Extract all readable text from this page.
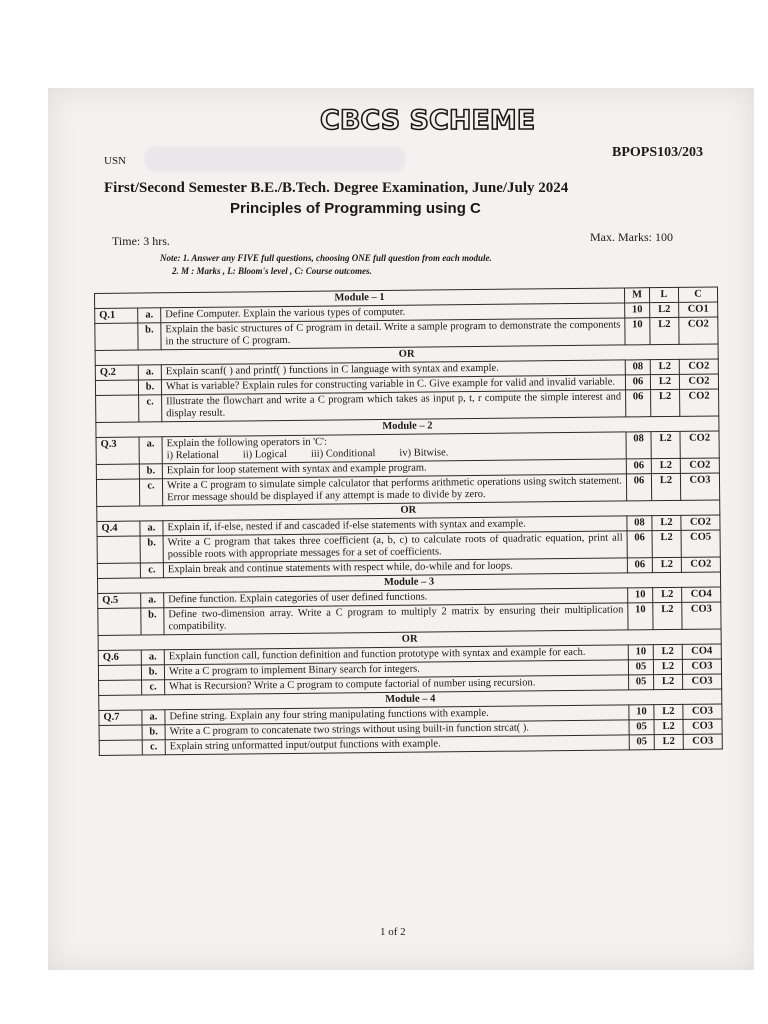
CBCS SCHEME
USN
BPOPS103/203
First/Second Semester B.E./B.Tech. Degree Examination, June/July 2024
Principles of Programming using C
Time: 3 hrs.	Max. Marks: 100
Note: 1. Answer any FIVE full questions, choosing ONE full question from each module.
2. M : Marks , L: Bloom's level , C: Course outcomes.
Module – 1			M	L	C
Q.1	a.	Define Computer. Explain the various types of computer.	10	L2	CO1
	b.	Explain the basic structures of C program in detail. Write a sample program to demonstrate the components in the structure of C program.	10	L2	CO2
OR					
Q.2	a.	Explain scanf( ) and printf( ) functions in C language with syntax and example.	08	L2	CO2
	b.	What is variable? Explain rules for constructing variable in C. Give example for valid and invalid variable.	06	L2	CO2
	c.	Illustrate the flowchart and write a C program which takes as input p, t, r compute the simple interest and display result.	06	L2	CO2
Module – 2					
Q.3	a.	Explain the following operators in 'C':
i) Relational ii) Logical iii) Conditional iv) Bitwise.	08	L2	CO2
	b.	Explain for loop statement with syntax and example program.	06	L2	CO2
	c.	Write a C program to simulate simple calculator that performs arithmetic operations using switch statement. Error message should be displayed if any attempt is made to divide by zero.	06	L2	CO3
OR					
Q.4	a.	Explain if, if-else, nested if and cascaded if-else statements with syntax and example.	08	L2	CO2
	b.	Write a C program that takes three coefficient (a, b, c) to calculate roots of quadratic equation, print all possible roots with appropriate messages for a set of coefficients.	06	L2	CO5
	c.	Explain break and continue statements with respect while, do-while and for loops.	06	L2	CO2
Module – 3					
Q.5	a.	Define function. Explain categories of user defined functions.	10	L2	CO4
	b.	Define two-dimension array. Write a C program to multiply 2 matrix by ensuring their multiplication compatibility.	10	L2	CO3
OR					
Q.6	a.	Explain function call, function definition and function prototype with syntax and example for each.	10	L2	CO4
	b.	Write a C program to implement Binary search for integers.	05	L2	CO3
	c.	What is Recursion? Write a C program to compute factorial of number using recursion.	05	L2	CO3
Module – 4					
Q.7	a.	Define string. Explain any four string manipulating functions with example.	10	L2	CO3
	b.	Write a C program to concatenate two strings without using built-in function strcat( ).	05	L2	CO3
	c.	Explain string unformatted input/output functions with example.	05	L2	CO3
1 of 2
